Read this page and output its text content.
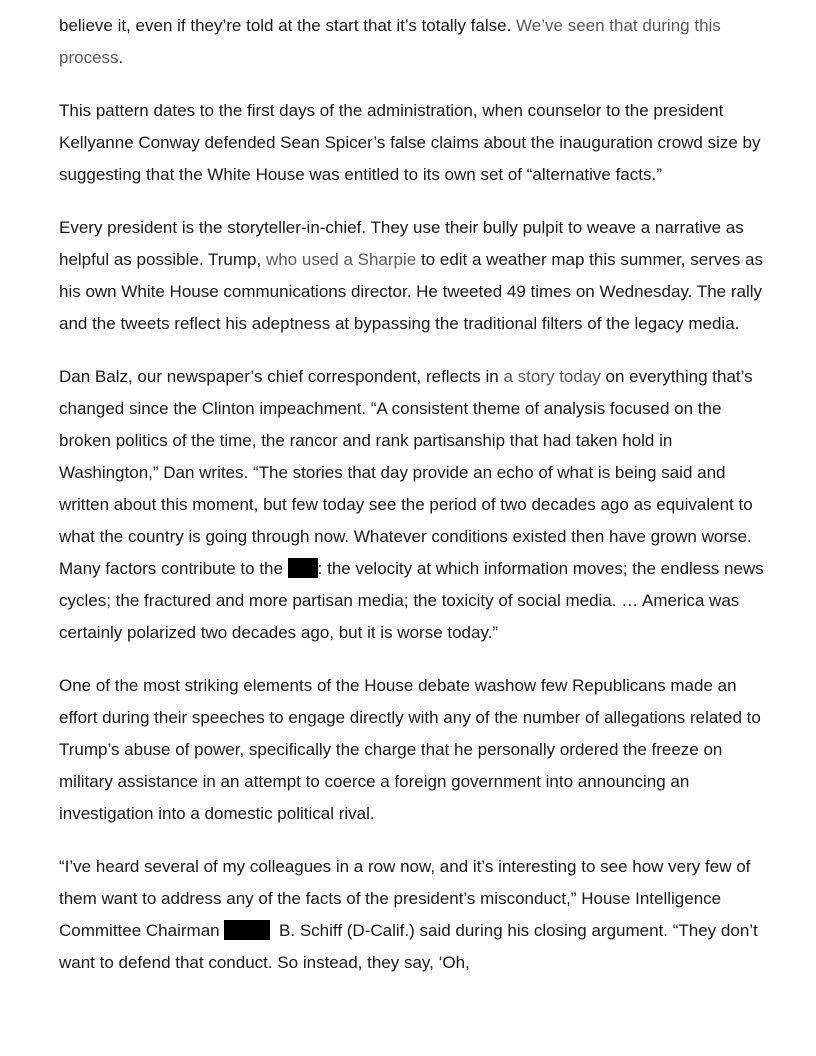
believe it, even if they’re told at the start that it’s totally false. We’ve seen that during this process.

This pattern dates to the first days of the administration, when counselor to the president Kellyanne Conway defended Sean Spicer’s false claims about the inauguration crowd size by suggesting that the White House was entitled to its own set of “alternative facts.”

Every president is the storyteller-in-chief. They use their bully pulpit to weave a narrative as helpful as possible. Trump, who used a Sharpie to edit a weather map this summer, serves as his own White House communications director. He tweeted 49 times on Wednesday. The rally and the tweets reflect his adeptness at bypassing the traditional filters of the legacy media.

Dan Balz, our newspaper’s chief correspondent, reflects in a story today on everything that’s changed since the Clinton impeachment. “A consistent theme of analysis focused on the broken politics of the time, the rancor and rank partisanship that had taken hold in Washington,” Dan writes. “The stories that day provide an echo of what is being said and written about this moment, but few today see the period of two decades ago as equivalent to what the country is going through now. Whatever conditions existed then have grown worse. Many factors contribute to the : the velocity at which information moves; the endless news cycles; the fractured and more partisan media; the toxicity of social media. … America was certainly polarized two decades ago, but it is worse today.”

One of the most striking elements of the House debate washow few Republicans made an effort during their speeches to engage directly with any of the number of allegations related to Trump’s abuse of power, specifically the charge that he personally ordered the freeze on military assistance in an attempt to coerce a foreign government into announcing an investigation into a domestic political rival.

“I’ve heard several of my colleagues in a row now, and it’s interesting to see how very few of them want to address any of the facts of the president’s misconduct,” House Intelligence Committee Chairman	B. Schiff (D-Calif.) said during his closing argument. “They don’t want to defend that conduct. So instead, they say, ‘Oh,
